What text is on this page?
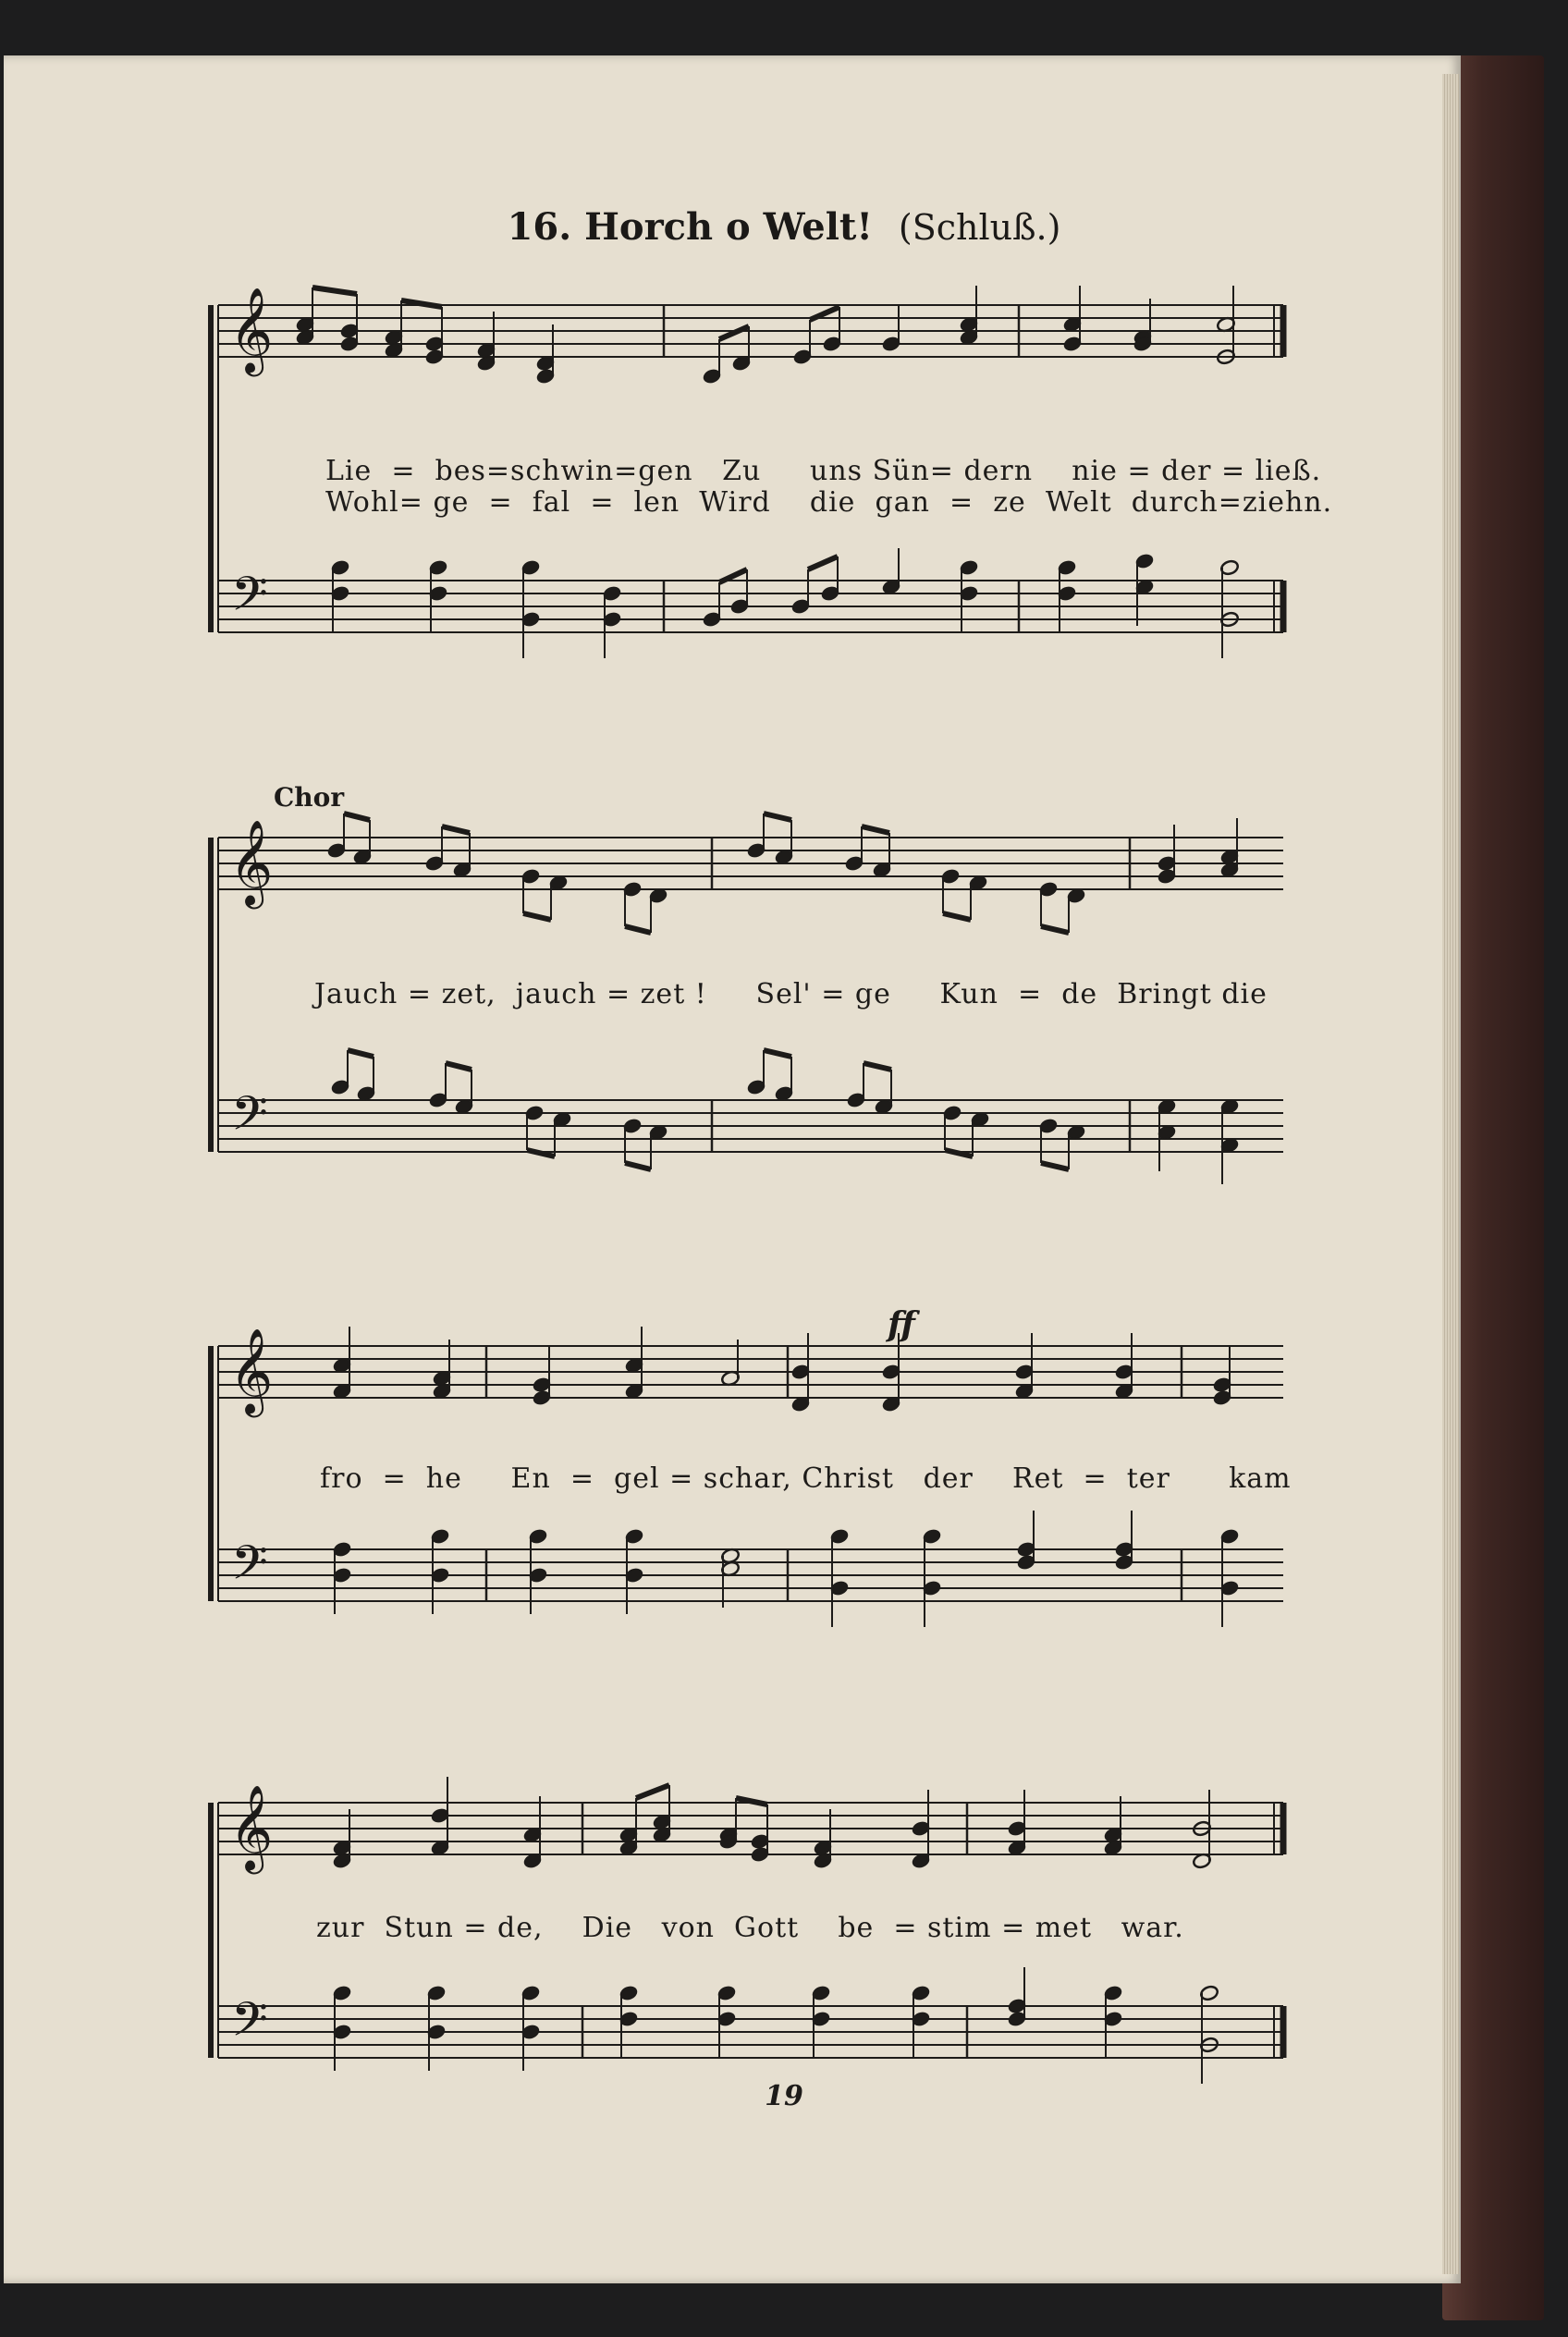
16. Horch o Welt! (Schluß.)
𝄞
𝄢
𝄞
𝄢
𝄞
𝄢
𝄞
𝄢
Lie  =  bes=schwin=gen   Zu     uns Sün= dern    nie = der = ließ.
Wohl= ge  =  fal  =  len  Wird    die  gan  =  ze  Welt  durch=ziehn.
Chor
Jauch = zet,  jauch = zet !     Sel' = ge     Kun  =  de  Bringt die
ff
fro  =  he     En  =  gel = schar, Christ   der    Ret  =  ter      kam
zur  Stun = de,    Die   von  Gott    be  = stim = met   war.
19
